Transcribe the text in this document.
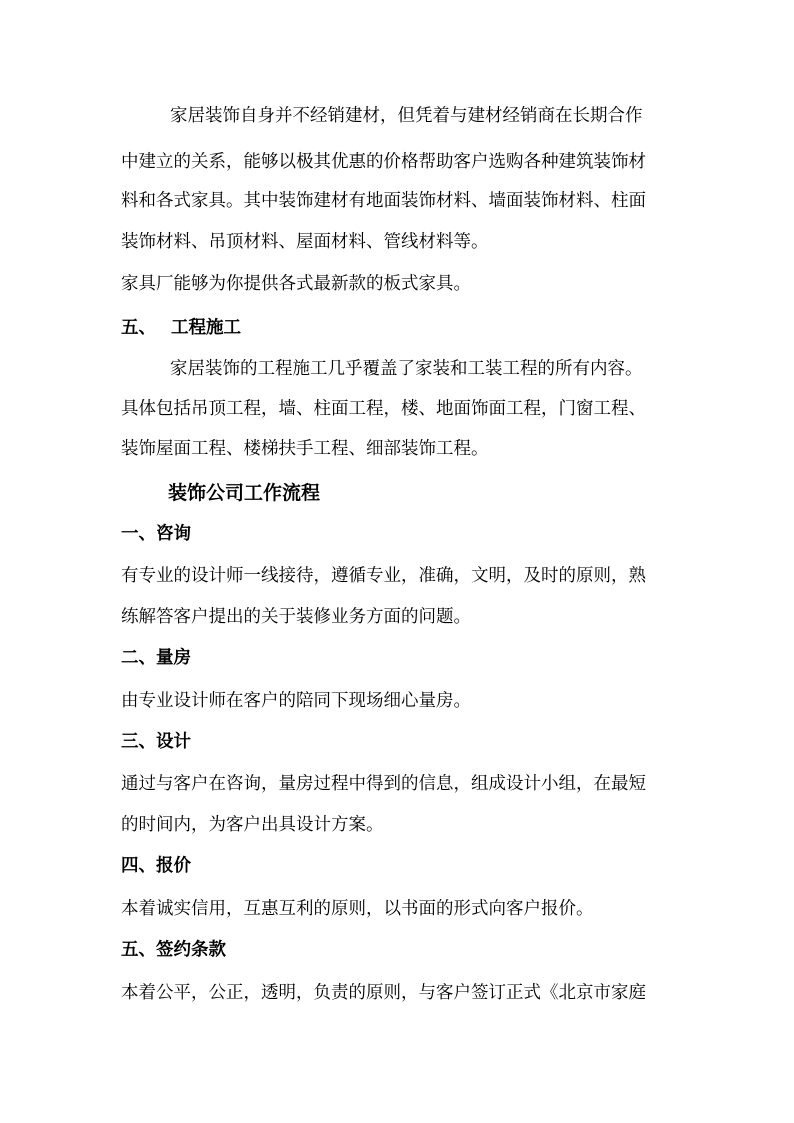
家居装饰自身并不经销建材，但凭着与建材经销商在长期合作
中建立的关系，能够以极其优惠的价格帮助客户选购各种建筑装饰材
料和各式家具。其中装饰建材有地面装饰材料、墙面装饰材料、柱面
装饰材料、吊顶材料、屋面材料、管线材料等。
家具厂能够为你提供各式最新款的板式家具。
五、 工程施工
家居装饰的工程施工几乎覆盖了家装和工装工程的所有内容。
具体包括吊顶工程，墙、柱面工程，楼、地面饰面工程，门窗工程、
装饰屋面工程、楼梯扶手工程、细部装饰工程。
装饰公司工作流程
一、咨询
有专业的设计师一线接待，遵循专业，准确，文明，及时的原则，熟
练解答客户提出的关于装修业务方面的问题。
二、量房
由专业设计师在客户的陪同下现场细心量房。
三、设计
通过与客户在咨询，量房过程中得到的信息，组成设计小组，在最短
的时间内，为客户出具设计方案。
四、报价
本着诚实信用，互惠互利的原则，以书面的形式向客户报价。
五、签约条款
本着公平，公正，透明，负责的原则，与客户签订正式《北京市家庭
